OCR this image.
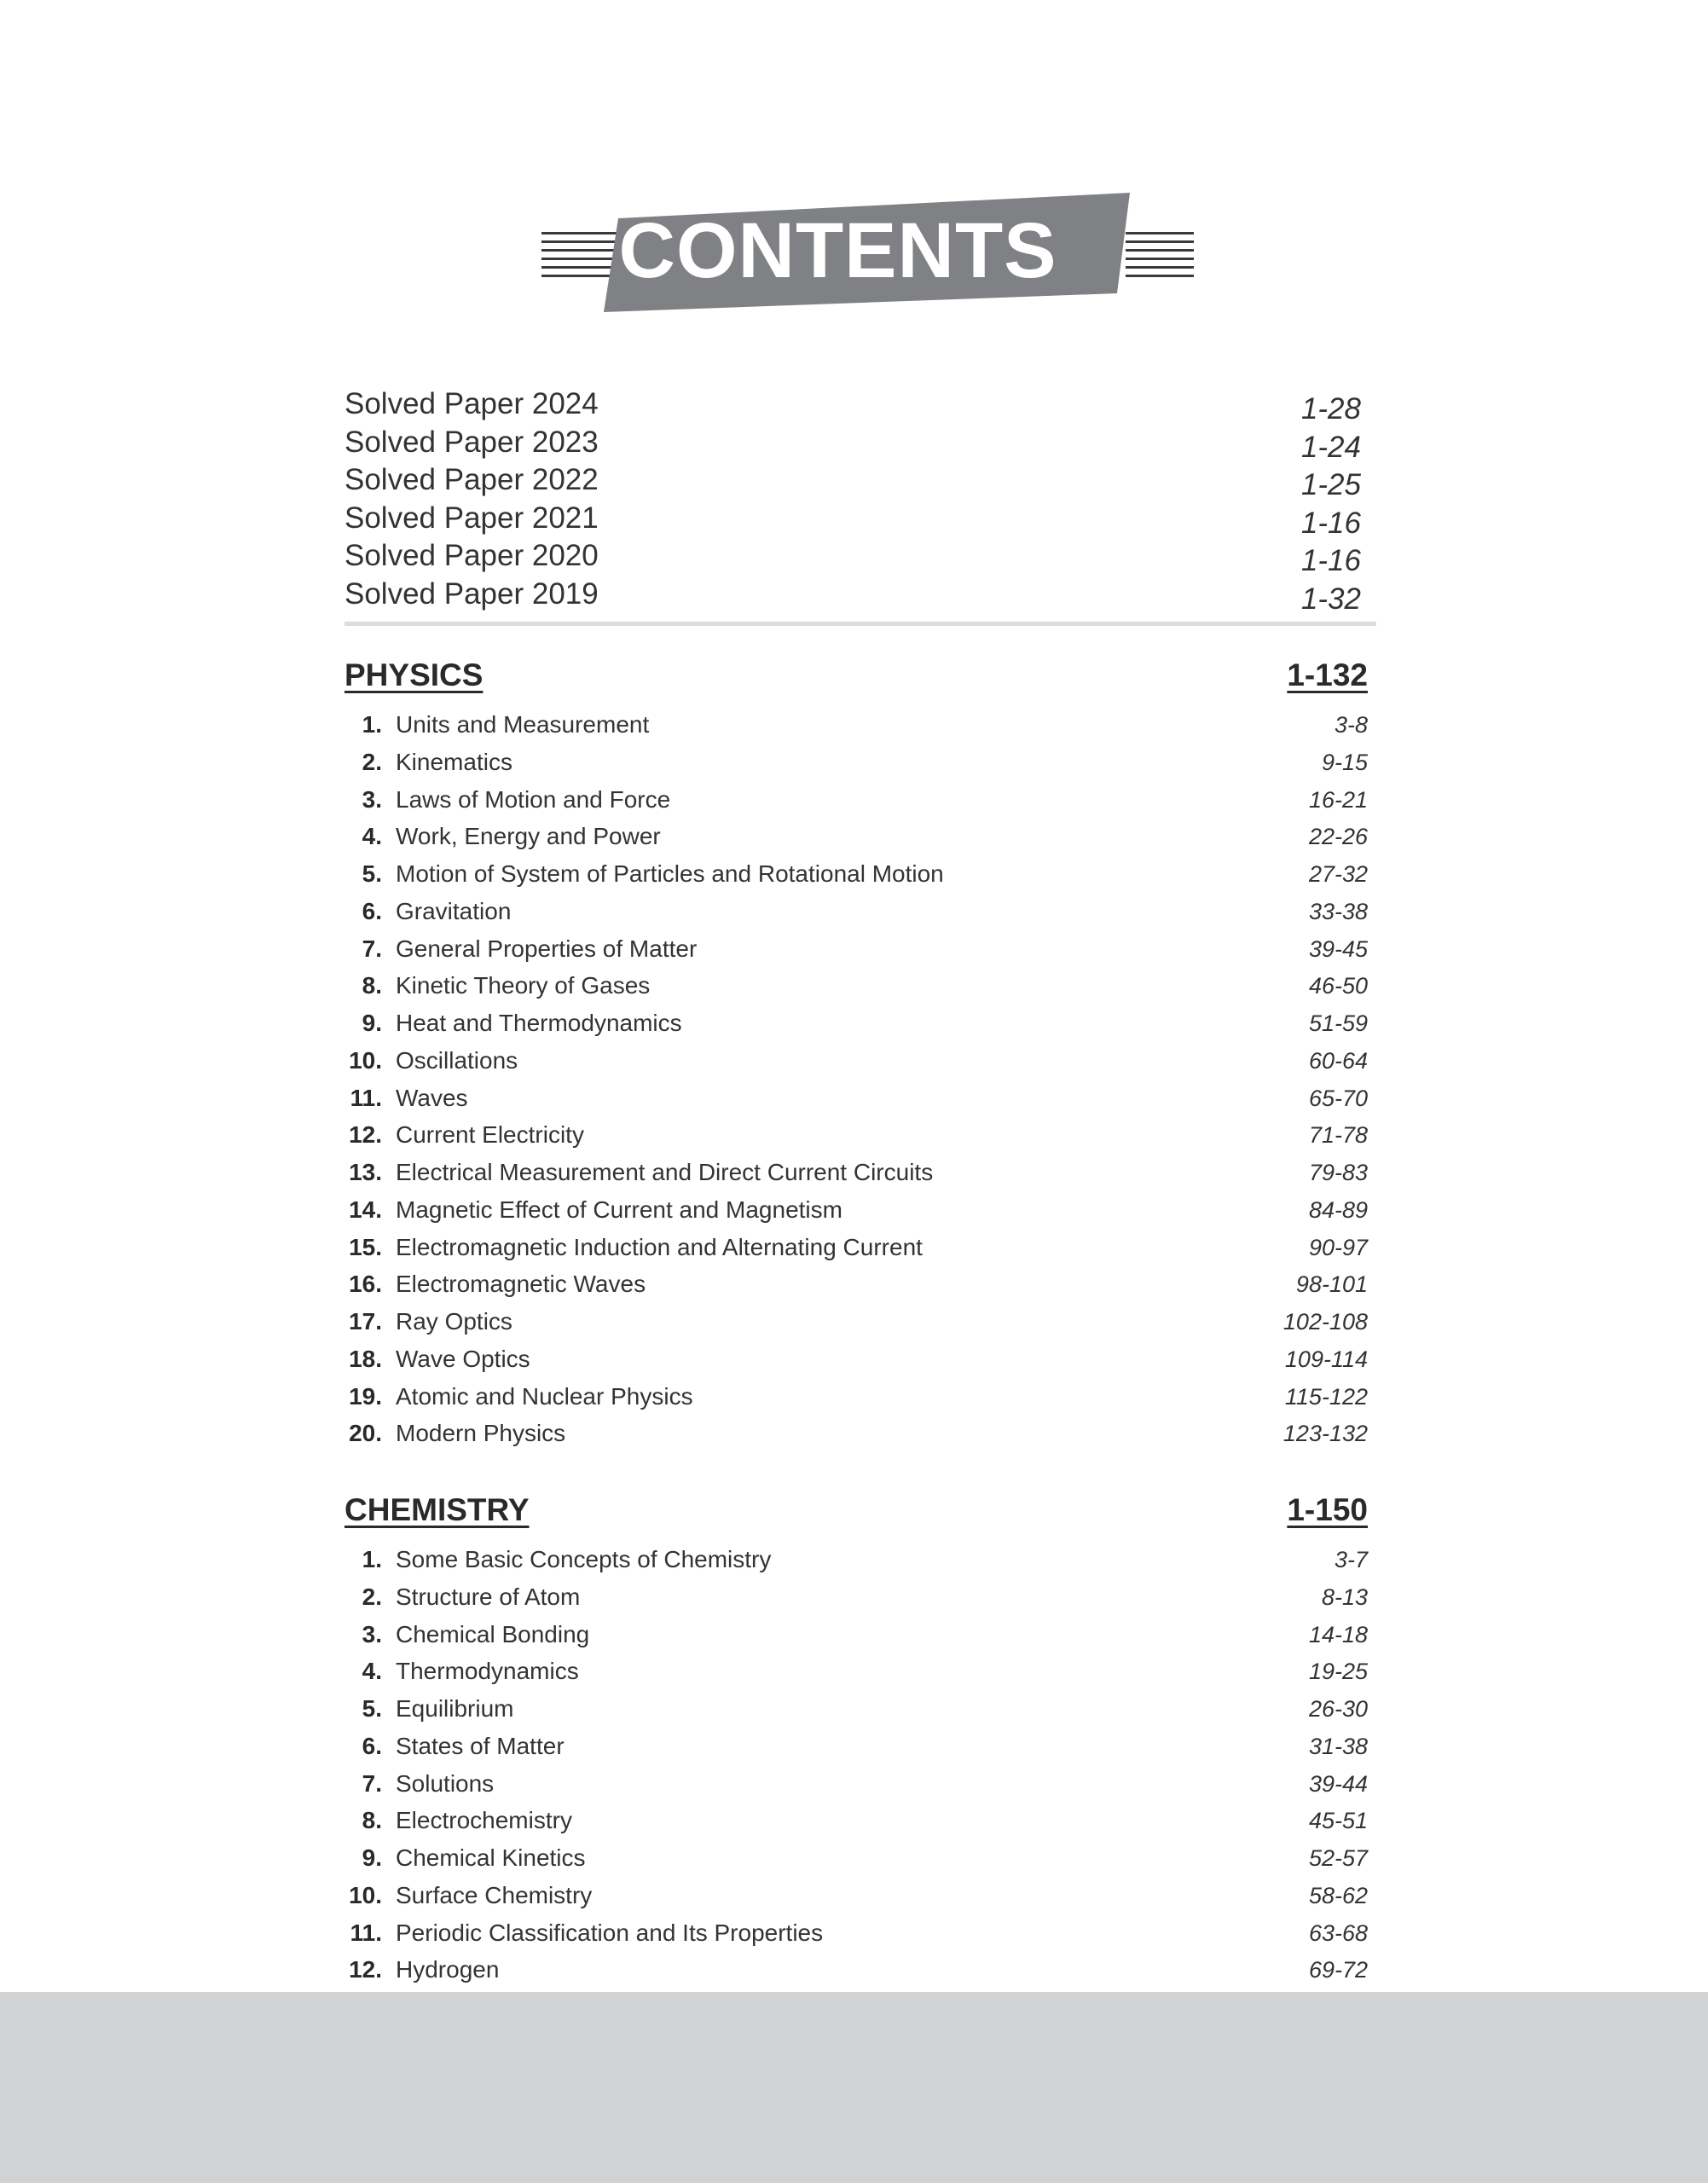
CONTENTS
Solved Paper 2024	1-28
Solved Paper 2023	1-24
Solved Paper 2022	1-25
Solved Paper 2021	1-16
Solved Paper 2020	1-16
Solved Paper 2019	1-32
PHYSICS	1-132
1. Units and Measurement	3-8
2. Kinematics	9-15
3. Laws of Motion and Force	16-21
4. Work, Energy and Power	22-26
5. Motion of System of Particles and Rotational Motion	27-32
6. Gravitation	33-38
7. General Properties of Matter	39-45
8. Kinetic Theory of Gases	46-50
9. Heat and Thermodynamics	51-59
10. Oscillations	60-64
11. Waves	65-70
12. Current Electricity	71-78
13. Electrical Measurement and Direct Current Circuits	79-83
14. Magnetic Effect of Current and Magnetism	84-89
15. Electromagnetic Induction and Alternating Current	90-97
16. Electromagnetic Waves	98-101
17. Ray Optics	102-108
18. Wave Optics	109-114
19. Atomic and Nuclear Physics	115-122
20. Modern Physics	123-132
CHEMISTRY	1-150
1. Some Basic Concepts of Chemistry	3-7
2. Structure of Atom	8-13
3. Chemical Bonding	14-18
4. Thermodynamics	19-25
5. Equilibrium	26-30
6. States of Matter	31-38
7. Solutions	39-44
8. Electrochemistry	45-51
9. Chemical Kinetics	52-57
10. Surface Chemistry	58-62
11. Periodic Classification and Its Properties	63-68
12. Hydrogen	69-72
